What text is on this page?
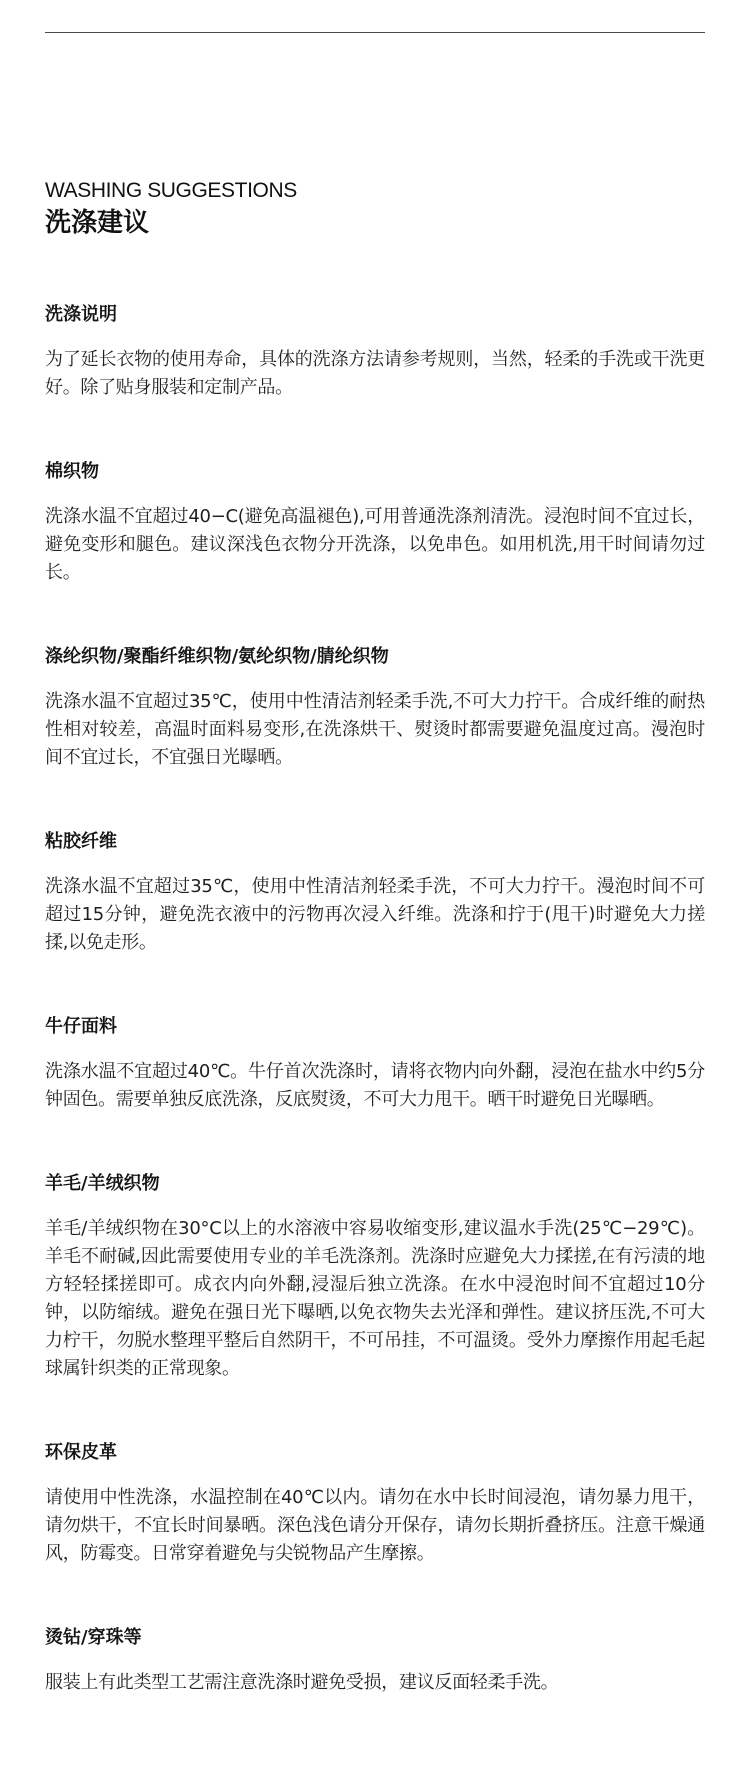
WASHING SUGGESTIONS
洗涤建议
洗涤说明

为了延长衣物的使用寿命，具体的洗涤方法请参考规则，当然，轻柔的手洗或干洗更好。除了贴身服装和定制产品。

棉织物

洗涤水温不宜超过40−C(避免高温褪色),可用普通洗涤剂清洗。浸泡时间不宜过长，避免变形和腿色。建议深浅色衣物分开洗涤，以免串色。如用机洗,用干时间请勿过长。

涤纶织物/聚酯纤维织物/氨纶织物/腈纶织物

洗涤水温不宜超过35℃，使用中性清洁剂轻柔手洗,不可大力拧干。合成纤维的耐热性相对较差，高温时面料易变形,在洗涤烘干、熨烫时都需要避免温度过高。漫泡时间不宜过长，不宜强日光曝晒。

粘胶纤维

洗涤水温不宜超过35℃，使用中性清洁剂轻柔手洗，不可大力拧干。漫泡时间不可超过15分钟，避免洗衣液中的污物再次浸入纤维。洗涤和拧于(甩干)时避免大力搓揉,以免走形。

牛仔面料

洗涤水温不宜超过40℃。牛仔首次洗涤时，请将衣物内向外翻，浸泡在盐水中约5分钟固色。需要单独反底洗涤，反底熨烫，不可大力甩干。晒干时避免日光曝晒。

羊毛/羊绒织物

羊毛/羊绒织物在30°C以上的水溶液中容易收缩变形,建议温水手洗(25℃−29℃)。羊毛不耐碱,因此需要使用专业的羊毛洗涤剂。洗涤时应避免大力揉搓,在有污渍的地方轻轻揉搓即可。成衣内向外翻,浸湿后独立洗涤。在水中浸泡时间不宜超过10分钟，以防缩绒。避免在强日光下曝晒,以免衣物失去光泽和弹性。建议挤压洗,不可大力柠干，勿脱水整理平整后自然阴干，不可吊挂，不可温烫。受外力摩擦作用起毛起球属针织类的正常现象。

环保皮革

请使用中性洗涤，水温控制在40℃以内。请勿在水中长时间浸泡，请勿暴力甩干，请勿烘干，不宜长时间暴晒。深色浅色请分开保存，请勿长期折叠挤压。注意干燥通风，防霉变。日常穿着避免与尖锐物品产生摩擦。

烫钻/穿珠等

服装上有此类型工艺需注意洗涤时避免受损，建议反面轻柔手洗。
